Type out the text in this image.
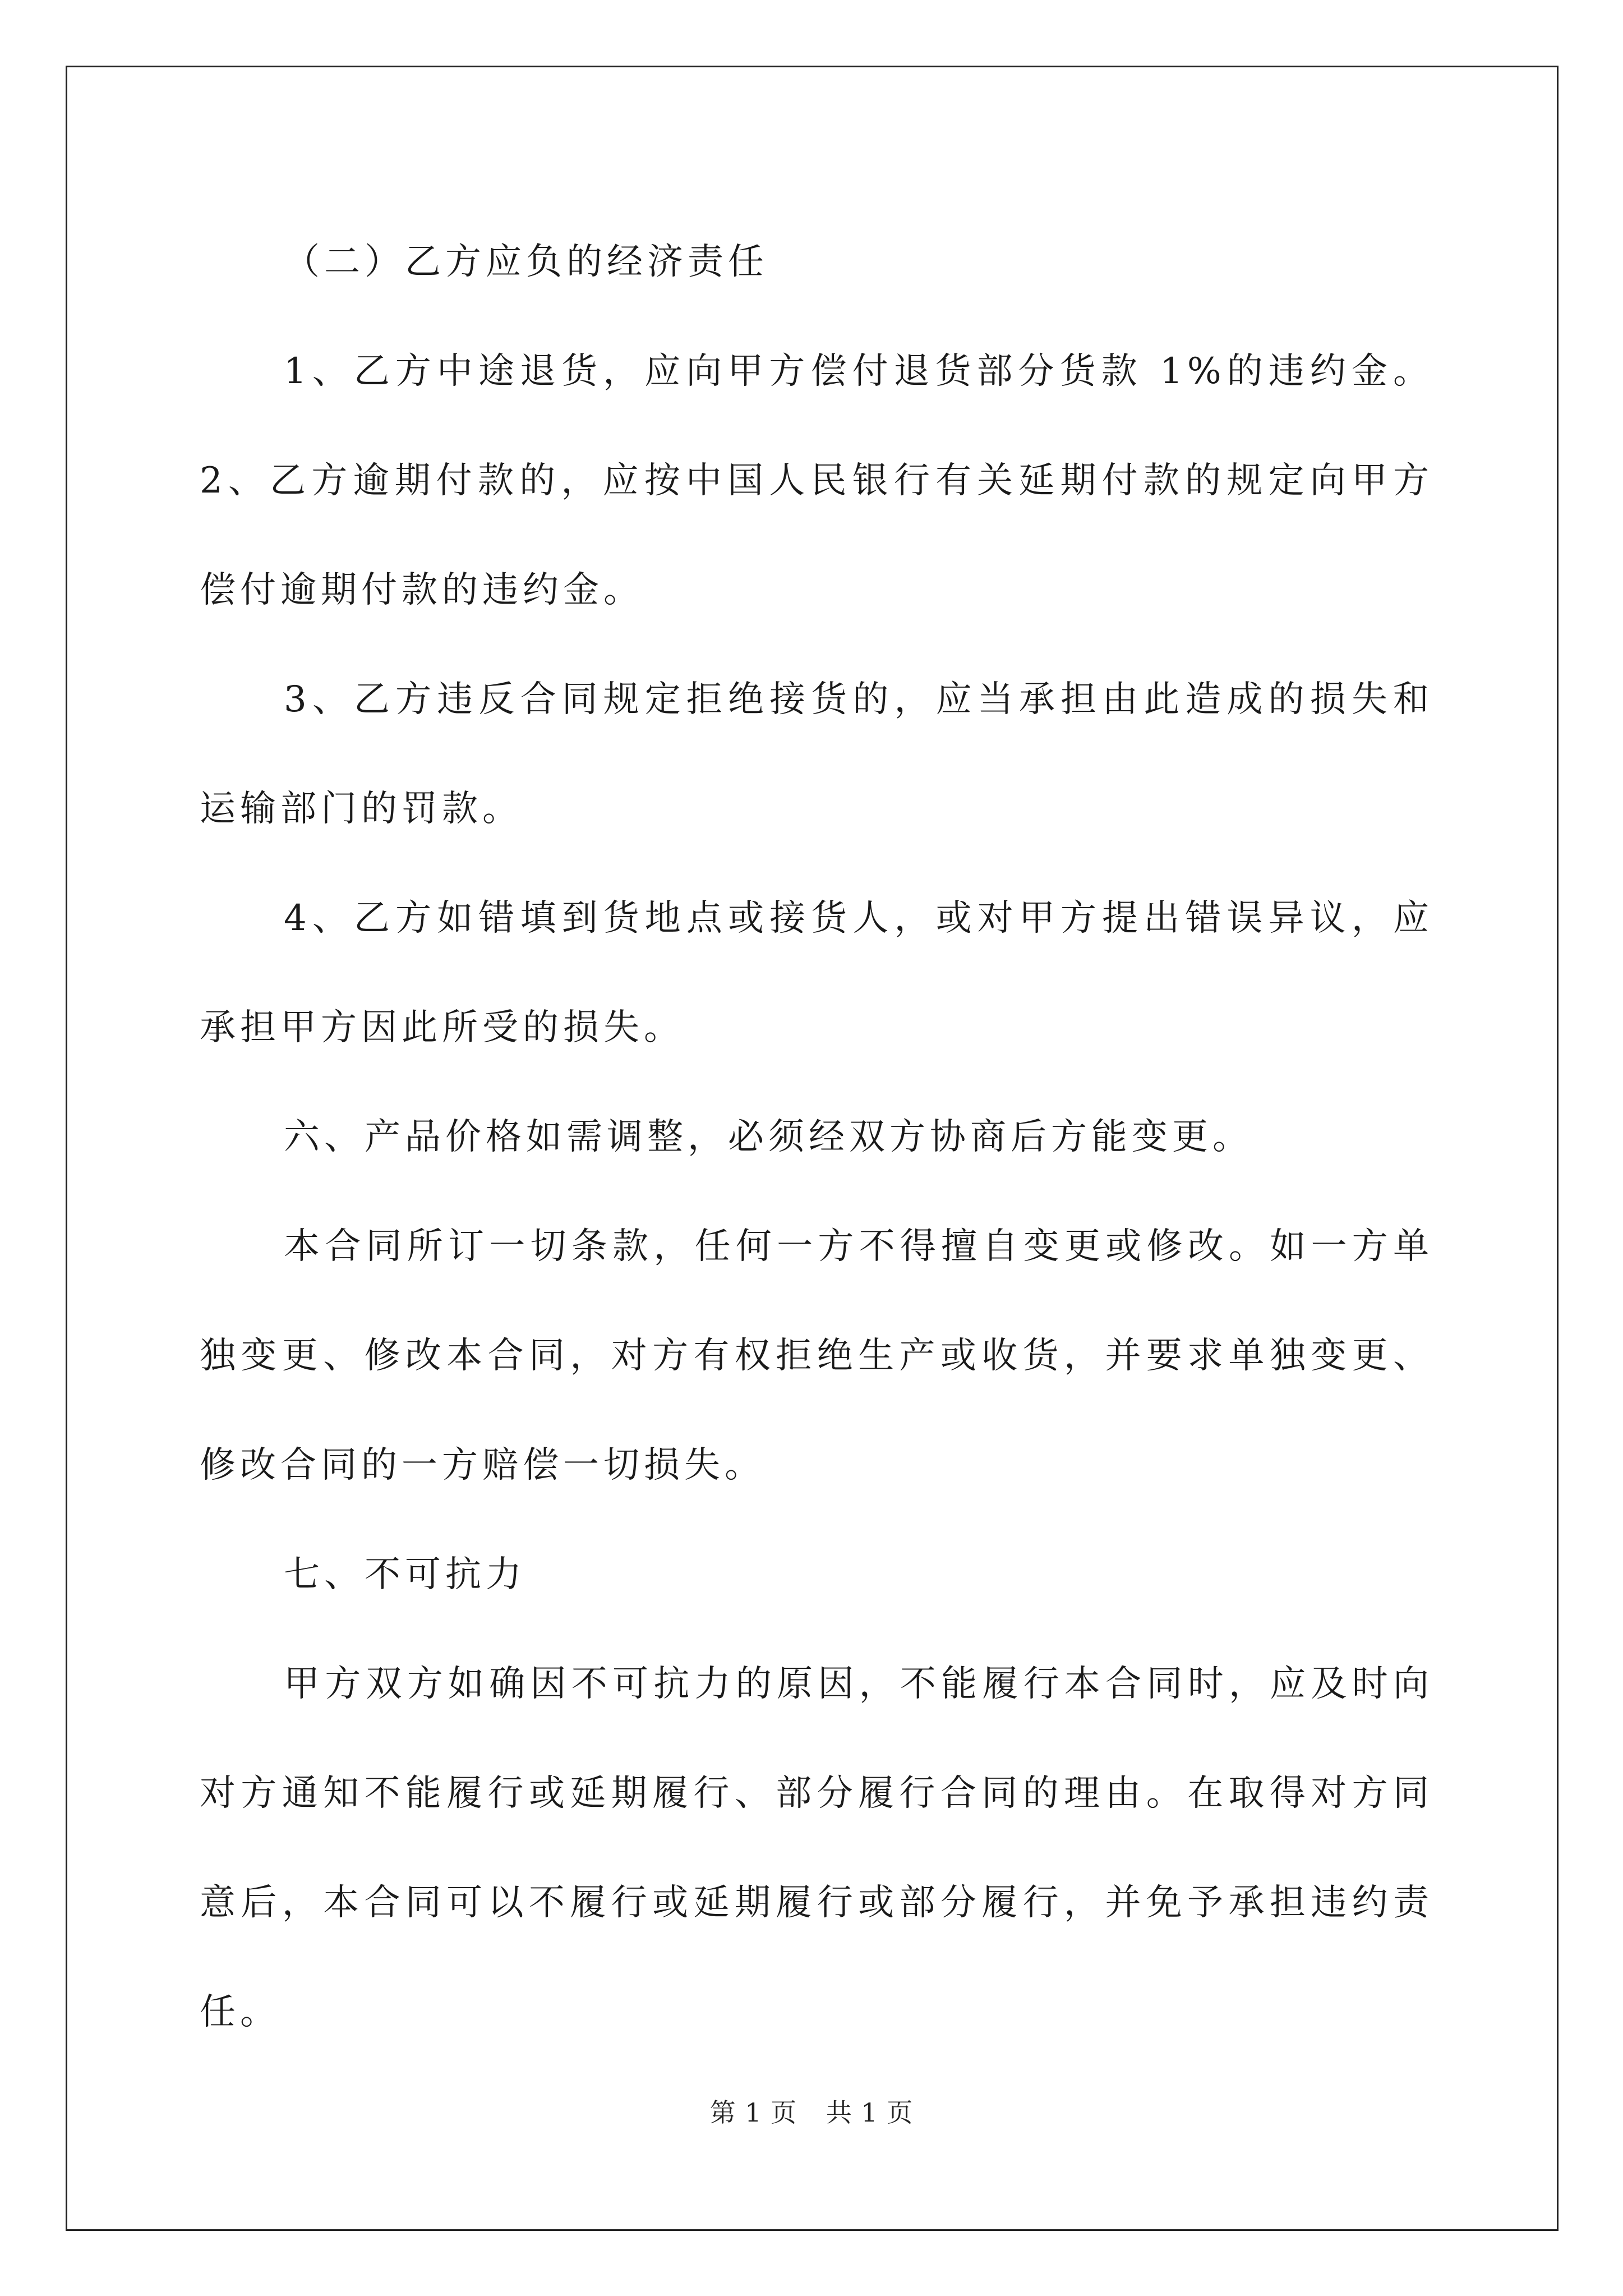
（二）乙方应负的经济责任

1、乙方中途退货，应向甲方偿付退货部分货款 1%的违约金。 2、乙方逾期付款的，应按中国人民银行有关延期付款的规定向甲方偿付逾期付款的违约金。

3、乙方违反合同规定拒绝接货的，应当承担由此造成的损失和运输部门的罚款。

4、乙方如错填到货地点或接货人，或对甲方提出错误异议，应承担甲方因此所受的损失。

六、产品价格如需调整，必须经双方协商后方能变更。

本合同所订一切条款，任何一方不得擅自变更或修改。如一方单独变更、修改本合同，对方有权拒绝生产或收货，并要求单独变更、修改合同的一方赔偿一切损失。

七、不可抗力

甲方双方如确因不可抗力的原因，不能履行本合同时，应及时向对方通知不能履行或延期履行、部分履行合同的理由。在取得对方同意后，本合同可以不履行或延期履行或部分履行，并免予承担违约责任。

第 1 页 共 1 页
